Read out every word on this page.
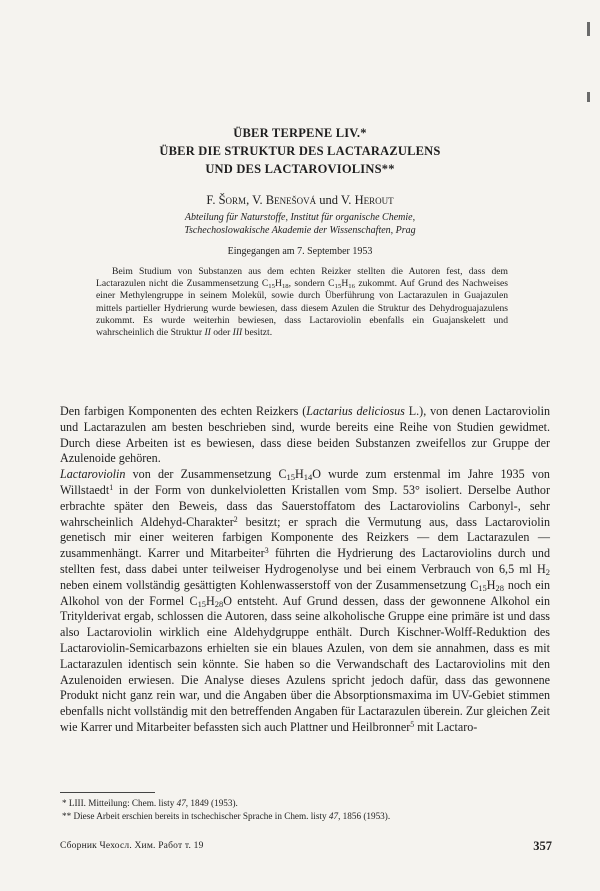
ÜBER TERPENE LIV.*
ÜBER DIE STRUKTUR DES LACTARAZULENS
UND DES LACTAROVIOLINS**
F. Šorm, V. Benešová und V. Herout
Abteilung für Naturstoffe, Institut für organische Chemie,
Tschechoslowakische Akademie der Wissenschaften, Prag
Eingegangen am 7. September 1953

Beim Studium von Substanzen aus dem echten Reizker stellten die Autoren fest, dass dem Lactarazulen nicht die Zusammensetzung $C_{15}H_{18}$, sondern $C_{15}H_{16}$ zukommt. Auf Grund des Nachweises einer Methylengruppe in seinem Molekül, sowie durch Überführung von Lactarazulen in Guajazulen mittels partieller Hydrierung wurde bewiesen, dass diesem Azulen die Struktur des Dehydroguajazulens zukommt. Es wurde weiterhin bewiesen, dass Lactaroviolin ebenfalls ein Guajanskelett und wahrscheinlich die Struktur II oder III besitzt.

Den farbigen Komponenten des echten Reizkers (Lactarius deliciosus L.), von denen Lactaroviolin und Lactarazulen am besten beschrieben sind, wurde bereits eine Reihe von Studien gewidmet. Durch diese Arbeiten ist es bewiesen, dass diese beiden Substanzen zweifellos zur Gruppe der Azulenoide gehören.

Lactaroviolin von der Zusammensetzung $C_{15}H_{14}O$ wurde zum erstenmal im Jahre 1935 von Willstaedt$^1$ in der Form von dunkelvioletten Kristallen vom Smp. 53° isoliert. Derselbe Author erbrachte später den Beweis, dass das Sauerstoffatom des Lactaroviolins Carbonyl-, sehr wahrscheinlich Aldehyd-Charakter$^2$ besitzt; er sprach die Vermutung aus, dass Lactaroviolin genetisch mir einer weiteren farbigen Komponente des Reizkers — dem Lactarazulen — zusammenhängt. Karrer und Mitarbeiter$^3$ führten die Hydrierung des Lactaroviolins durch und stellten fest, dass dabei unter teilweiser Hydrogenolyse und bei einem Verbrauch von 6,5 ml $H_2$ neben einem vollständig gesättigten Kohlenwasserstoff von der Zusammensetzung $C_{15}H_{28}$ noch ein Alkohol von der Formel $C_{15}H_{28}O$ entsteht. Auf Grund dessen, dass der gewonnene Alkohol ein Tritylderivat ergab, schlossen die Autoren, dass seine alkoholische Gruppe eine primäre ist und dass also Lactaroviolin wirklich eine Aldehydgruppe enthält. Durch Kischner-Wolff-Reduktion des Lactaroviolin-Semicarbazons erhielten sie ein blaues Azulen, von dem sie annahmen, dass es mit Lactarazulen identisch sein könnte. Sie haben so die Verwandschaft des Lactaroviolins mit den Azulenoiden erwiesen. Die Analyse dieses Azulens spricht jedoch dafür, dass das gewonnene Produkt nicht ganz rein war, und die Angaben über die Absorptionsmaxima im UV-Gebiet stimmen ebenfalls nicht vollständig mit den betreffenden Angaben für Lactarazulen überein. Zur gleichen Zeit wie Karrer und Mitarbeiter befassten sich auch Plattner und Heilbronner$^5$ mit Lactaro-

* LIII. Mitteilung: Chem. listy 47, 1849 (1953).
** Diese Arbeit erschien bereits in tschechischer Sprache in Chem. listy 47, 1856 (1953).
Сборник Чехосл. Хим. Работ т. 19	357
